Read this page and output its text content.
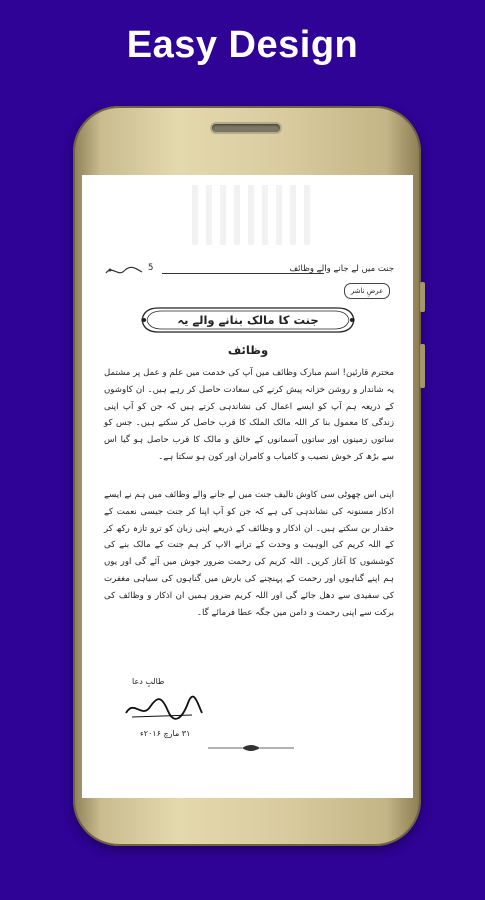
Easy Design
5	جنت میں لے جانے والے وظائف
عرضِ ناشر
جنت کا مالک بنانے والے یہ وظائف
محترم قارئین! اسم مبارک وظائف میں آپ کی خدمت میں علم و عمل پر مشتمل یہ شاندار و روشن خزانہ پیش کرنے کی سعادت حاصل کر رہے ہیں۔ ان کاوشوں کے ذریعہ ہم آپ کو ایسے اعمال کی نشاندہی کرتے ہیں کہ جن کو آپ اپنی زندگی کا معمول بنا کر اللہ مالک الملک کا قرب حاصل کر سکتے ہیں۔ جس کو ساتوں زمینوں اور ساتوں آسمانوں کے خالق و مالک کا قرب حاصل ہو گیا اس سے بڑھ کر خوش نصیب و کامیاب و کامران اور کون ہو سکتا ہے۔
اپنی اس چھوٹی سی کاوش تالیف جنت میں لے جانے والے وظائف میں ہم نے ایسے اذکار مسنونہ کی نشاندہی کی ہے کہ جن کو آپ اپنا کر جنت جیسی نعمت کے حقدار بن سکتے ہیں۔ ان اذکار و وظائف کے ذریعے اپنی زبان کو ترو تازہ رکھ کر کے اللہ کریم کی الوہیت و وحدت کے ترانے الاپ کر ہم جنت کے مالک بنے کی کوششوں کا آغاز کریں۔ اللہ کریم کی رحمت ضرور جوش میں آئے گی اور یوں ہم اپنے گناہوں اور رحمت کے پہنچنے کی بارش میں گناہوں کی سیاہی مغفرت کی سفیدی سے دھل جائے گی اور اللہ کریم ضرور ہمیں ان اذکار و وظائف کی برکت سے اپنی رحمت و دامن میں جگہ عطا فرمائے گا۔
طالبِ دعا
۳۱ مارچ ۲۰۱۶ء
